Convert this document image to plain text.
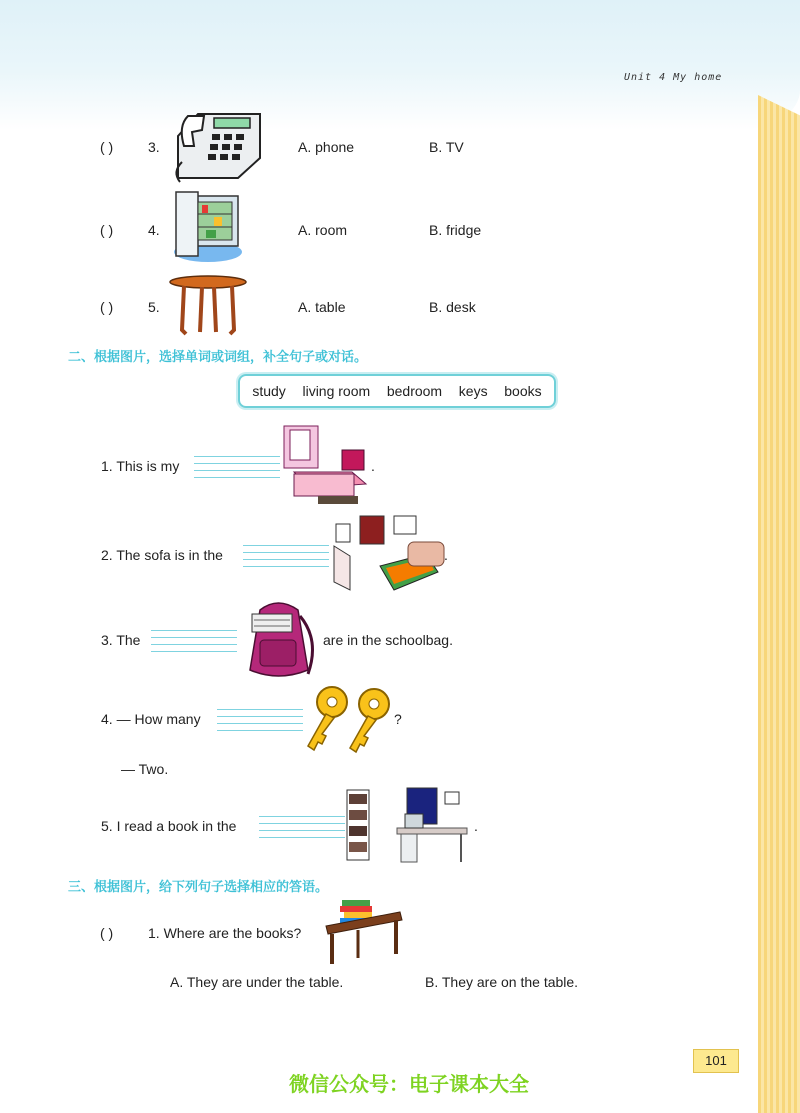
Unit 4 My home
( ) 3.	A. phone	B. TV
( ) 4.	A. room	B. fridge
( ) 5.	A. table	B. desk
二、根据图片，选择单词或词组，补全句子或对话。
study living room bedroom keys books
1. This is my	.
2. The sofa is in the	.
3. The	are in the schoolbag.
4. — How many	?
— Two.
5. I read a book in the	.
三、根据图片，给下列句子选择相应的答语。
( ) 1. Where are the books?
A. They are under the table.	B. They are on the table.
101
微信公众号：电子课本大全
